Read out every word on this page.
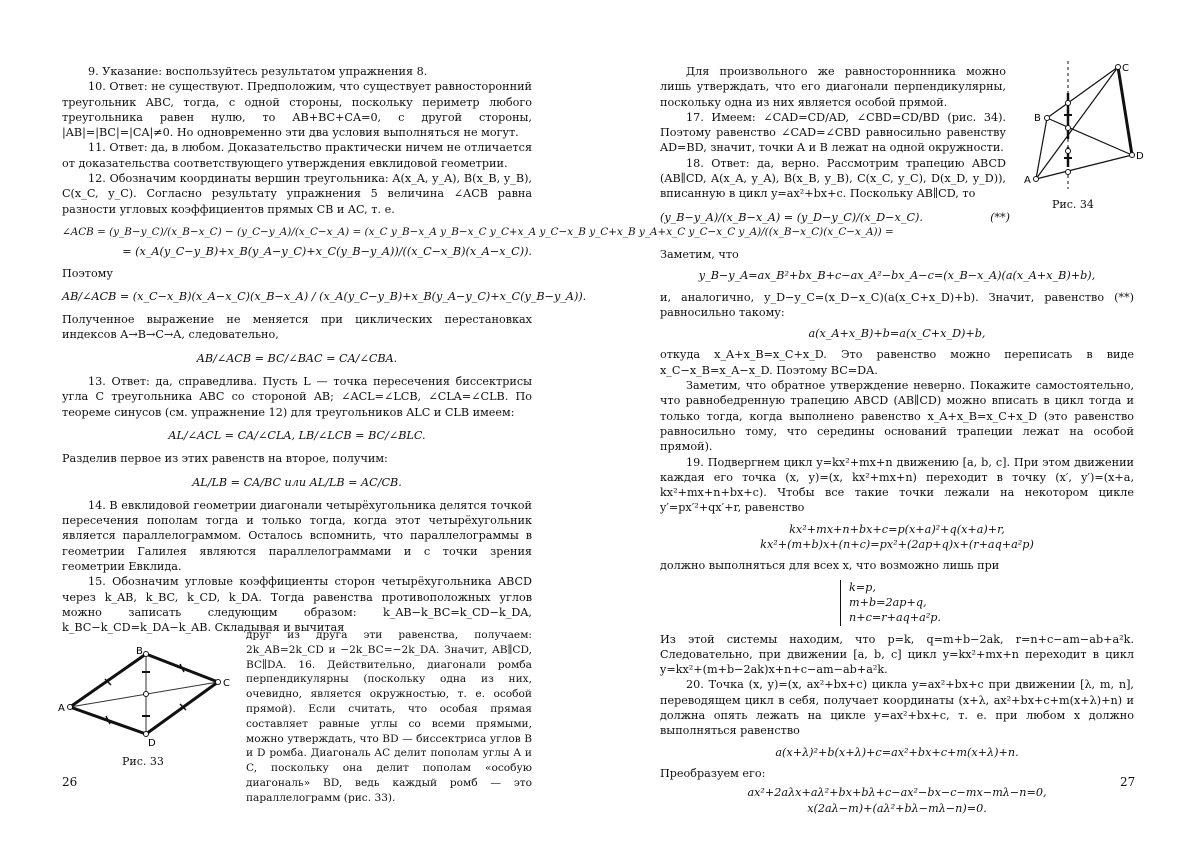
9. Указание: воспользуйтесь результатом упражнения 8.

10. Ответ: не существуют. Предположим, что существует равносторонний треугольник ABC, тогда, с одной стороны, поскольку периметр любого треугольника равен нулю, то AB+BC+CA=0, с другой стороны, |AB|=|BC|=|CA|≠0. Но одновременно эти два условия выполняться не могут.

11. Ответ: да, в любом. Доказательство практически ничем не отличается от доказательства соответствующего утверждения евклидовой геометрии.

12. Обозначим координаты вершин треугольника: A(x_A, y_A), B(x_B, y_B), C(x_C, y_C). Согласно результату упражнения 5 величина ∠ACB равна разности угловых коэффициентов прямых CB и AC, т. е.

∠ACB = (y_B−y_C)/(x_B−x_C) − (y_C−y_A)/(x_C−x_A) = (x_C y_B−x_A y_B−x_C y_C+x_A y_C−x_B y_C+x_B y_A+x_C y_C−x_C y_A)/((x_B−x_C)(x_C−x_A)) =

= (x_A(y_C−y_B)+x_B(y_A−y_C)+x_C(y_B−y_A))/((x_C−x_B)(x_A−x_C)).

Поэтому

AB/∠ACB = (x_C−x_B)(x_A−x_C)(x_B−x_A) / (x_A(y_C−y_B)+x_B(y_A−y_C)+x_C(y_B−y_A)).

Полученное выражение не меняется при циклических перестановках индексов A→B→C→A, следовательно,

AB/∠ACB = BC/∠BAC = CA/∠CBA.

13. Ответ: да, справедлива. Пусть L — точка пересечения биссектрисы угла C треугольника ABC со стороной AB; ∠ACL=∠LCB, ∠CLA=∠CLB. По теореме синусов (см. упражнение 12) для треугольников ALC и CLB имеем:

AL/∠ACL = CA/∠CLA, LB/∠LCB = BC/∠BLC.

Разделив первое из этих равенств на второе, получим:

AL/LB = CA/BC или AL/LB = AC/CB.

14. В евклидовой геометрии диагонали четырёхугольника делятся точкой пересечения пополам тогда и только тогда, когда этот четырёхугольник является параллелограммом. Осталось вспомнить, что параллелограммы в геометрии Галилея являются параллелограммами и с точки зрения геометрии Евклида.

15. Обозначим угловые коэффициенты сторон четырёхугольника ABCD через k_AB, k_BC, k_CD, k_DA. Тогда равенства противоположных углов можно записать следующим образом: k_AB−k_BC=k_CD−k_DA, k_BC−k_CD=k_DA−k_AB. Складывая и вычитая

друг из друга эти равенства, получаем: 2k_AB=2k_CD и −2k_BC=−2k_DA. Значит, AB∥CD, BC∥DA. 16. Действительно, диагонали ромба перпендикулярны (поскольку одна из них, очевидно, является окружностью, т. е. особой прямой). Если считать, что особая прямая составляет равные углы со всеми прямыми, можно утверждать, что BD — биссектриса углов B и D ромба. Диагональ AC делит пополам углы A и C, поскольку она делит пополам «особую диагональ» BD, ведь каждый ромб — это параллелограмм (рис. 33).
A
B
C
D
Рис. 33
26

Для произвольного же равностороннника можно лишь утверждать, что его диагонали перпендикулярны, поскольку одна из них является особой прямой.

17. Имеем: ∠CAD=CD/AD, ∠CBD=CD/BD (рис. 34). Поэтому равенство ∠CAD=∠CBD равносильно равенству AD=BD, значит, точки A и B лежат на одной окружности.

18. Ответ: да, верно. Рассмотрим трапецию ABCD (AB∥CD, A(x_A, y_A), B(x_B, y_B), C(x_C, y_C), D(x_D, y_D)), вписанную в цикл y=ax²+bx+c. Поскольку AB∥CD, то

(y_B−y_A)/(x_B−x_A) = (y_D−y_C)/(x_D−x_C).	(**)

Заметим, что

y_B−y_A=ax_B²+bx_B+c−ax_A²−bx_A−c=(x_B−x_A)(a(x_A+x_B)+b),

и, аналогично, y_D−y_C=(x_D−x_C)(a(x_C+x_D)+b). Значит, равенство (**) равносильно такому:

a(x_A+x_B)+b=a(x_C+x_D)+b,

откуда x_A+x_B=x_C+x_D. Это равенство можно переписать в виде x_C−x_B=x_A−x_D. Поэтому BC=DA.

Заметим, что обратное утверждение неверно. Покажите самостоятельно, что равнобедренную трапецию ABCD (AB∥CD) можно вписать в цикл тогда и только тогда, когда выполнено равенство x_A+x_B=x_C+x_D (это равенство равносильно тому, что середины оснований трапеции лежат на особой прямой).

19. Подвергнем цикл y=kx²+mx+n движению [a, b, c]. При этом движении каждая его точка (x, y)=(x, kx²+mx+n) переходит в точку (x′, y′)=(x+a, kx²+mx+n+bx+c). Чтобы все такие точки лежали на некотором цикле y′=px′²+qx′+r, равенство

kx²+mx+n+bx+c=p(x+a)²+q(x+a)+r,

kx²+(m+b)x+(n+c)=px²+(2ap+q)x+(r+aq+a²p)

должно выполняться для всех x, что возможно лишь при

k=p,
m+b=2ap+q,
n+c=r+aq+a²p.

Из этой системы находим, что p=k, q=m+b−2ak, r=n+c−am−ab+a²k. Следовательно, при движении [a, b, c] цикл y=kx²+mx+n переходит в цикл y=kx²+(m+b−2ak)x+n+c−am−ab+a²k.

20. Точка (x, y)=(x, ax²+bx+c) цикла y=ax²+bx+c при движении [λ, m, n], переводящем цикл в себя, получает координаты (x+λ, ax²+bx+c+m(x+λ)+n) и должна опять лежать на цикле y=ax²+bx+c, т. е. при любом x должно выполняться равенство

a(x+λ)²+b(x+λ)+c=ax²+bx+c+m(x+λ)+n.

Преобразуем его:

ax²+2aλx+aλ²+bx+bλ+c−ax²−bx−c−mx−mλ−n=0,

x(2aλ−m)+(aλ²+bλ−mλ−n)=0.

A
B
C
D
Рис. 34
27
